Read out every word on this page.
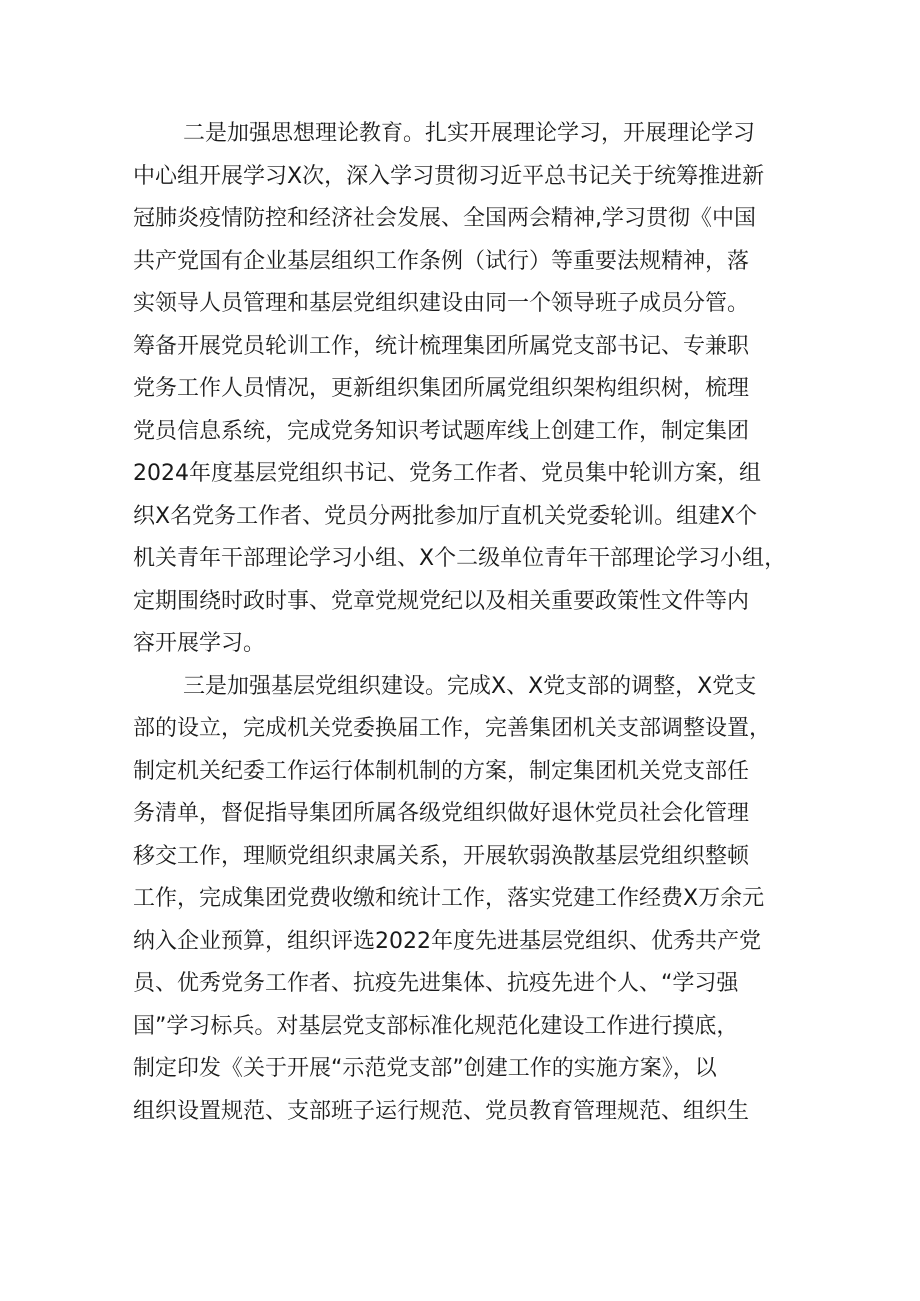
二是加强思想理论教育。扎实开展理论学习，开展理论学习
中心组开展学习X次，深入学习贯彻习近平总书记关于统筹推进新
冠肺炎疫情防控和经济社会发展、全国两会精神,学习贯彻《中国
共产党国有企业基层组织工作条例（试行）等重要法规精神，落
实领导人员管理和基层党组织建设由同一个领导班子成员分管。
筹备开展党员轮训工作，统计梳理集团所属党支部书记、专兼职
党务工作人员情况，更新组织集团所属党组织架构组织树，梳理
党员信息系统，完成党务知识考试题库线上创建工作，制定集团
2024年度基层党组织书记、党务工作者、党员集中轮训方案，组
织X名党务工作者、党员分两批参加厅直机关党委轮训。组建X个
机关青年干部理论学习小组、X个二级单位青年干部理论学习小组，
定期围绕时政时事、党章党规党纪以及相关重要政策性文件等内
容开展学习。
三是加强基层党组织建设。完成X、X党支部的调整，X党支
部的设立，完成机关党委换届工作，完善集团机关支部调整设置，
制定机关纪委工作运行体制机制的方案，制定集团机关党支部任
务清单，督促指导集团所属各级党组织做好退休党员社会化管理
移交工作，理顺党组织隶属关系，开展软弱涣散基层党组织整顿
工作，完成集团党费收缴和统计工作，落实党建工作经费X万余元
纳入企业预算，组织评选2022年度先进基层党组织、优秀共产党
员、优秀党务工作者、抗疫先进集体、抗疫先进个人、“学习强
国”学习标兵。对基层党支部标准化规范化建设工作进行摸底，
制定印发《关于开展“示范党支部”创建工作的实施方案》，以
组织设置规范、支部班子运行规范、党员教育管理规范、组织生
